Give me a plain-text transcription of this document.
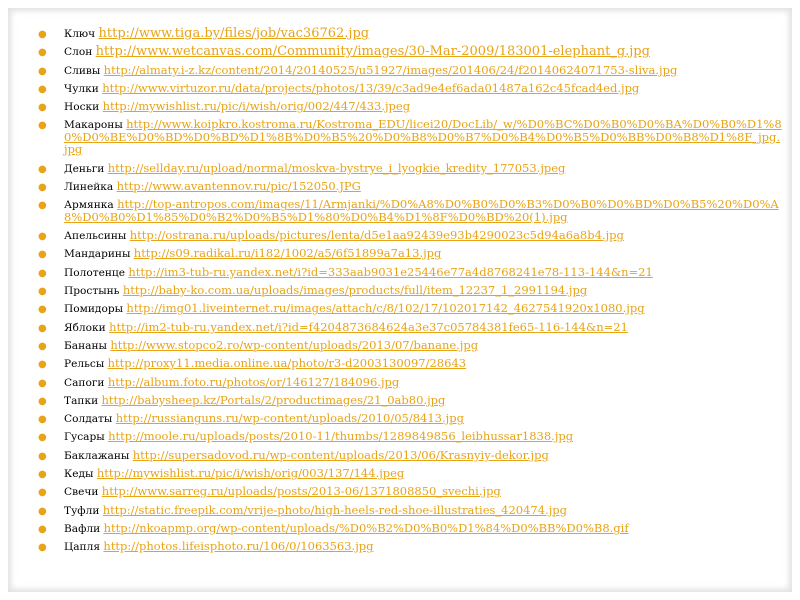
● Ключ http://www.tiga.by/files/job/vac36762.jpg
● Слон http://www.wetcanvas.com/Community/images/30-Mar-2009/183001-elephant_g.jpg
● Сливы http://almaty.i-z.kz/content/2014/20140525/u51927/images/201406/24/f20140624071753-sliva.jpg
● Чулки http://www.virtuzor.ru/data/projects/photos/13/39/c3ad9e4ef6ada01487a162c45fcad4ed.jpg
● Носки http://mywishlist.ru/pic/i/wish/orig/002/447/433.jpeg
● Макароны http://www.koipkro.kostroma.ru/Kostroma_EDU/licei20/DocLib/_w/%D0%BC%D0%B0%D0%BA%D0%B0%D1%80%D0%BE%D0%BD%D0%BD%D1%8B%D0%B5%20%D0%B8%D0%B7%D0%B4%D0%B5%D0%BB%D0%B8%D1%8F_jpg.jpg
● Деньги http://sellday.ru/upload/normal/moskva-bystrye_i_lyogkie_kredity_177053.jpeg
● Линейка http://www.avantennov.ru/pic/152050.JPG
● Армянка http://top-antropos.com/images/11/Armjanki/%D0%A8%D0%B0%D0%B3%D0%B0%D0%BD%D0%B5%20%D0%A8%D0%B0%D1%85%D0%B2%D0%B5%D1%80%D0%B4%D1%8F%D0%BD%20(1).jpg
● Апельсины http://ostrana.ru/uploads/pictures/lenta/d5e1aa92439e93b4290023c5d94a6a8b4.jpg
● Мандарины http://s09.radikal.ru/i182/1002/a5/6f51899a7a13.jpg
● Полотенце http://im3-tub-ru.yandex.net/i?id=333aab9031e25446e77a4d8768241e78-113-144&n=21
● Простынь http://baby-ko.com.ua/uploads/images/products/full/item_12237_1_2991194.jpg
● Помидоры http://img01.liveinternet.ru/images/attach/c/8/102/17/102017142_4627541920x1080.jpg
● Яблоки http://im2-tub-ru.yandex.net/i?id=f4204873684624a3e37c05784381fe65-116-144&n=21
● Бананы http://www.stopco2.ro/wp-content/uploads/2013/07/banane.jpg
● Рельсы http://proxy11.media.online.ua/photo/r3-d2003130097/28643
● Сапоги http://album.foto.ru/photos/or/146127/184096.jpg
● Тапки http://babysheep.kz/Portals/2/productimages/21_0ab80.jpg
● Солдаты http://russianguns.ru/wp-content/uploads/2010/05/8413.jpg
● Гусары http://moole.ru/uploads/posts/2010-11/thumbs/1289849856_leibhussar1838.jpg
● Баклажаны http://supersadovod.ru/wp-content/uploads/2013/06/Krasnyiy-dekor.jpg
● Кеды http://mywishlist.ru/pic/i/wish/orig/003/137/144.jpeg
● Свечи http://www.sarreg.ru/uploads/posts/2013-06/1371808850_svechi.jpg
● Туфли http://static.freepik.com/vrije-photo/high-heels-red-shoe-illustraties_420474.jpg
● Вафли http://nkoapmp.org/wp-content/uploads/%D0%B2%D0%B0%D1%84%D0%BB%D0%B8.gif
● Цапля http://photos.lifeisphoto.ru/106/0/1063563.jpg
